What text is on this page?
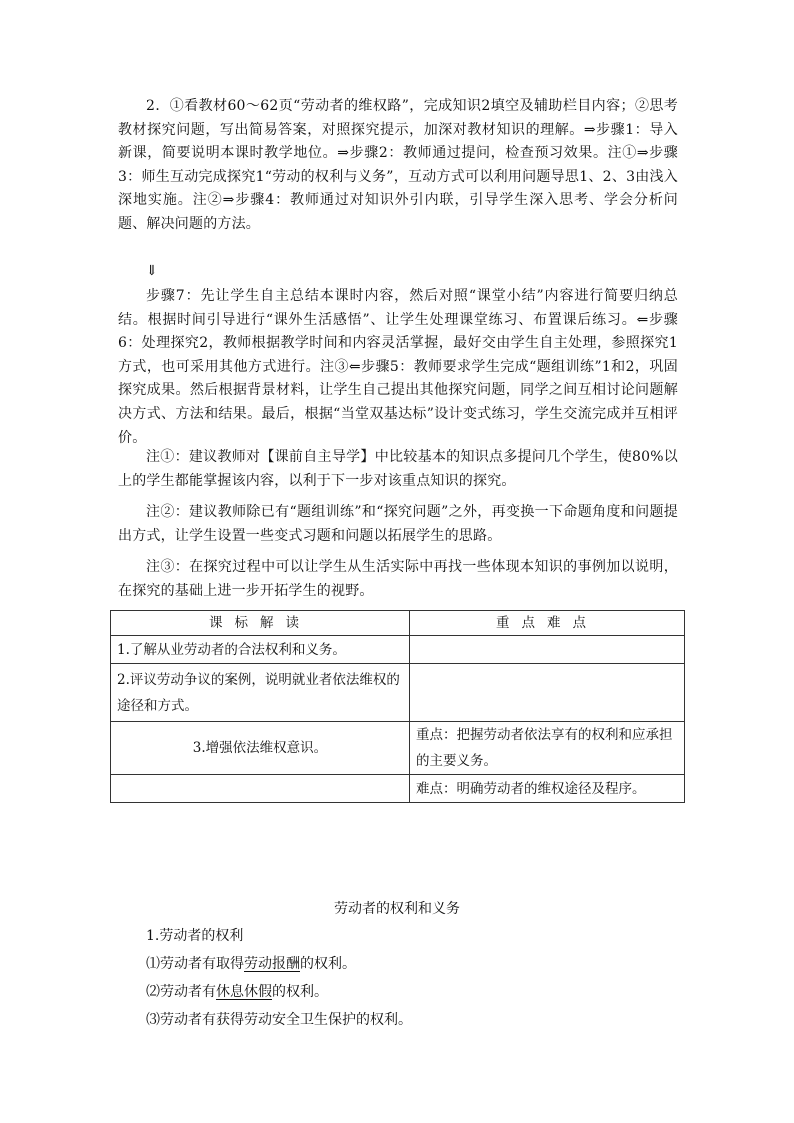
2．①看教材60～62页“劳动者的维权路”，完成知识2填空及辅助栏目内容；②思考教材探究问题，写出简易答案，对照探究提示，加深对教材知识的理解。⇒步骤1：导入新课，简要说明本课时教学地位。⇒步骤2：教师通过提问，检查预习效果。注①⇒步骤3：师生互动完成探究1“劳动的权利与义务”，互动方式可以利用问题导思1、2、3由浅入深地实施。注②⇒步骤4：教师通过对知识外引内联，引导学生深入思考、学会分析问题、解决问题的方法。
⇓
步骤7：先让学生自主总结本课时内容，然后对照“课堂小结”内容进行简要归纳总结。根据时间引导进行“课外生活感悟”、让学生处理课堂练习、布置课后练习。⇐步骤6：处理探究2，教师根据教学时间和内容灵活掌握，最好交由学生自主处理，参照探究1方式，也可采用其他方式进行。注③⇐步骤5：教师要求学生完成“题组训练”1和2，巩固探究成果。然后根据背景材料，让学生自己提出其他探究问题，同学之间互相讨论问题解决方式、方法和结果。最后，根据“当堂双基达标”设计变式练习，学生交流完成并互相评价。
注①：建议教师对【课前自主导学】中比较基本的知识点多提问几个学生，使80%以上的学生都能掌握该内容，以利于下一步对该重点知识的探究。
注②：建议教师除已有“题组训练”和“探究问题”之外，再变换一下命题角度和问题提出方式，让学生设置一些变式习题和问题以拓展学生的思路。
注③：在探究过程中可以让学生从生活实际中再找一些体现本知识的事例加以说明，在探究的基础上进一步开拓学生的视野。
课标解读	重点难点
1.了解从业劳动者的合法权利和义务。	
2.评议劳动争议的案例，说明就业者依法维权的途径和方式。	
3.增强依法维权意识。	重点：把握劳动者依法享有的权利和应承担的主要义务。
	难点：明确劳动者的维权途径及程序。
劳动者的权利和义务
1.劳动者的权利
⑴劳动者有取得劳动报酬的权利。
⑵劳动者有休息休假的权利。
⑶劳动者有获得劳动安全卫生保护的权利。
